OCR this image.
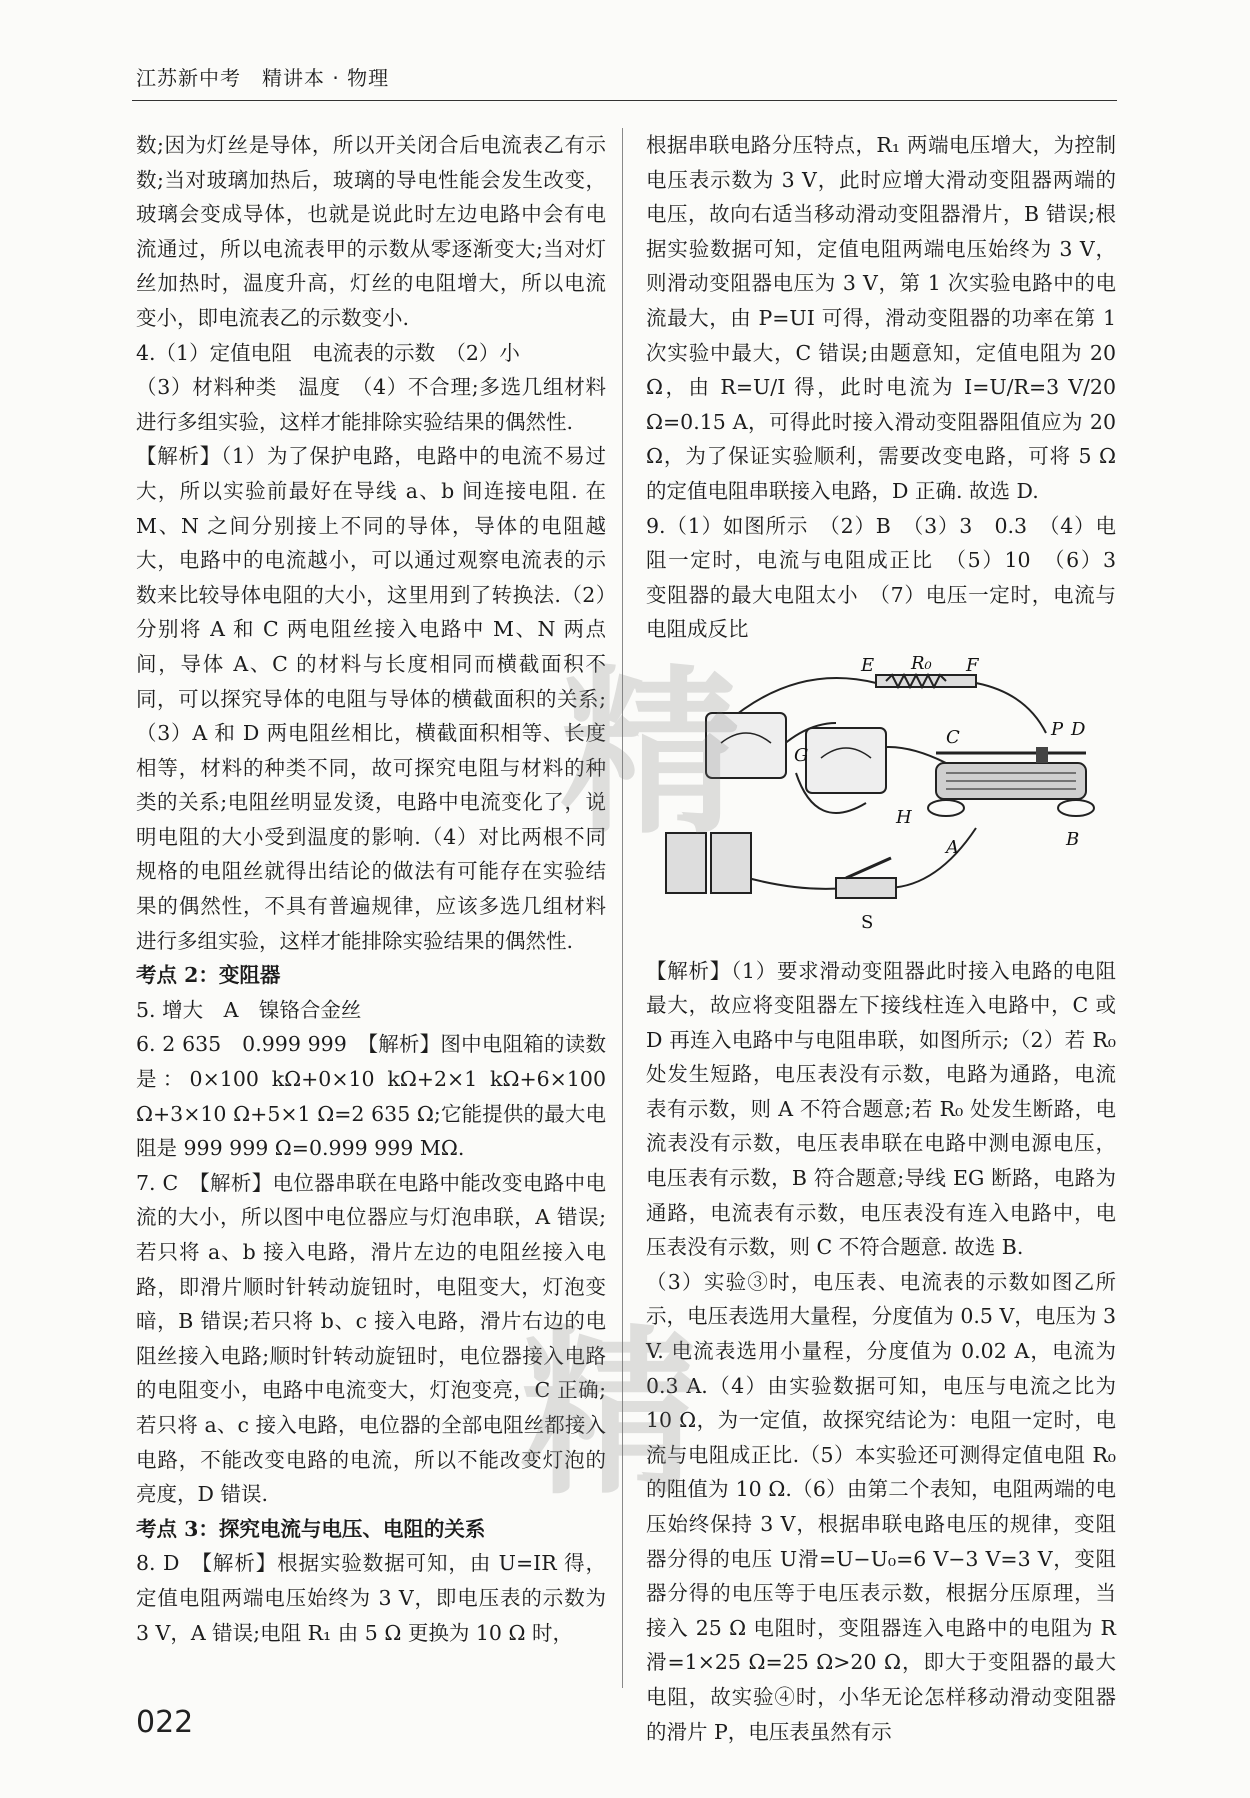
江苏新中考　精讲本 · 物理

数;因为灯丝是导体，所以开关闭合后电流表乙有示数;当对玻璃加热后，玻璃的导电性能会发生改变，玻璃会变成导体，也就是说此时左边电路中会有电流通过，所以电流表甲的示数从零逐渐变大;当对灯丝加热时，温度升高，灯丝的电阻增大，所以电流变小，即电流表乙的示数变小.

4.（1）定值电阻　电流表的示数　（2）小

（3）材料种类　温度　（4）不合理;多选几组材料进行多组实验，这样才能排除实验结果的偶然性.

【解析】（1）为了保护电路，电路中的电流不易过大，所以实验前最好在导线 a、b 间连接电阻. 在 M、N 之间分别接上不同的导体，导体的电阻越大，电路中的电流越小，可以通过观察电流表的示数来比较导体电阻的大小，这里用到了转换法.（2）分别将 A 和 C 两电阻丝接入电路中 M、N 两点间，导体 A、C 的材料与长度相同而横截面积不同，可以探究导体的电阻与导体的横截面积的关系;（3）A 和 D 两电阻丝相比，横截面积相等、长度相等，材料的种类不同，故可探究电阻与材料的种类的关系;电阻丝明显发烫，电路中电流变化了，说明电阻的大小受到温度的影响.（4）对比两根不同规格的电阻丝就得出结论的做法有可能存在实验结果的偶然性，不具有普遍规律，应该多选几组材料进行多组实验，这样才能排除实验结果的偶然性.

考点 2：变阻器

5. 增大　A　镍铬合金丝

6. 2 635　0.999 999　【解析】图中电阻箱的读数是：0×100 kΩ+0×10 kΩ+2×1 kΩ+6×100 Ω+3×10 Ω+5×1 Ω=2 635 Ω;它能提供的最大电阻是 999 999 Ω=0.999 999 MΩ.

7. C　【解析】电位器串联在电路中能改变电路中电流的大小，所以图中电位器应与灯泡串联，A 错误;若只将 a、b 接入电路，滑片左边的电阻丝接入电路，即滑片顺时针转动旋钮时，电阻变大，灯泡变暗，B 错误;若只将 b、c 接入电路，滑片右边的电阻丝接入电路;顺时针转动旋钮时，电位器接入电路的电阻变小，电路中电流变大，灯泡变亮，C 正确;若只将 a、c 接入电路，电位器的全部电阻丝都接入电路，不能改变电路的电流，所以不能改变灯泡的亮度，D 错误.

考点 3：探究电流与电压、电阻的关系

8. D　【解析】根据实验数据可知，由 U=IR 得，定值电阻两端电压始终为 3 V，即电压表的示数为 3 V，A 错误;电阻 R₁ 由 5 Ω 更换为 10 Ω 时，

根据串联电路分压特点，R₁ 两端电压增大，为控制电压表示数为 3 V，此时应增大滑动变阻器两端的电压，故向右适当移动滑动变阻器滑片，B 错误;根据实验数据可知，定值电阻两端电压始终为 3 V，则滑动变阻器电压为 3 V，第 1 次实验电路中的电流最大，由 P=UI 可得，滑动变阻器的功率在第 1 次实验中最大，C 错误;由题意知，定值电阻为 20 Ω，由 R=U/I 得，此时电流为 I=U/R=3 V/20 Ω=0.15 A，可得此时接入滑动变阻器阻值应为 20 Ω，为了保证实验顺利，需要改变电路，可将 5 Ω 的定值电阻串联接入电路，D 正确. 故选 D.

9.（1）如图所示　（2）B　（3）3　0.3　（4）电阻一定时，电流与电阻成正比　（5）10　（6）3　变阻器的最大电阻太小　（7）电压一定时，电流与电阻成反比

E R₀ F
C	P D
G
H
A	B
S

【解析】（1）要求滑动变阻器此时接入电路的电阻最大，故应将变阻器左下接线柱连入电路中，C 或 D 再连入电路中与电阻串联，如图所示;（2）若 R₀ 处发生短路，电压表没有示数，电路为通路，电流表有示数，则 A 不符合题意;若 R₀ 处发生断路，电流表没有示数，电压表串联在电路中测电源电压，电压表有示数，B 符合题意;导线 EG 断路，电路为通路，电流表有示数，电压表没有连入电路中，电压表没有示数，则 C 不符合题意. 故选 B.

（3）实验③时，电压表、电流表的示数如图乙所示，电压表选用大量程，分度值为 0.5 V，电压为 3 V. 电流表选用小量程，分度值为 0.02 A，电流为 0.3 A.（4）由实验数据可知，电压与电流之比为 10 Ω，为一定值，故探究结论为：电阻一定时，电流与电阻成正比.（5）本实验还可测得定值电阻 R₀ 的阻值为 10 Ω.（6）由第二个表知，电阻两端的电压始终保持 3 V，根据串联电路电压的规律，变阻器分得的电压 U滑=U−U₀=6 V−3 V=3 V，变阻器分得的电压等于电压表示数，根据分压原理，当接入 25 Ω 电阻时，变阻器连入电路中的电阻为 R滑=1×25 Ω=25 Ω>20 Ω，即大于变阻器的最大电阻，故实验④时，小华无论怎样移动滑动变阻器的滑片 P，电压表虽然有示

精
精
022
